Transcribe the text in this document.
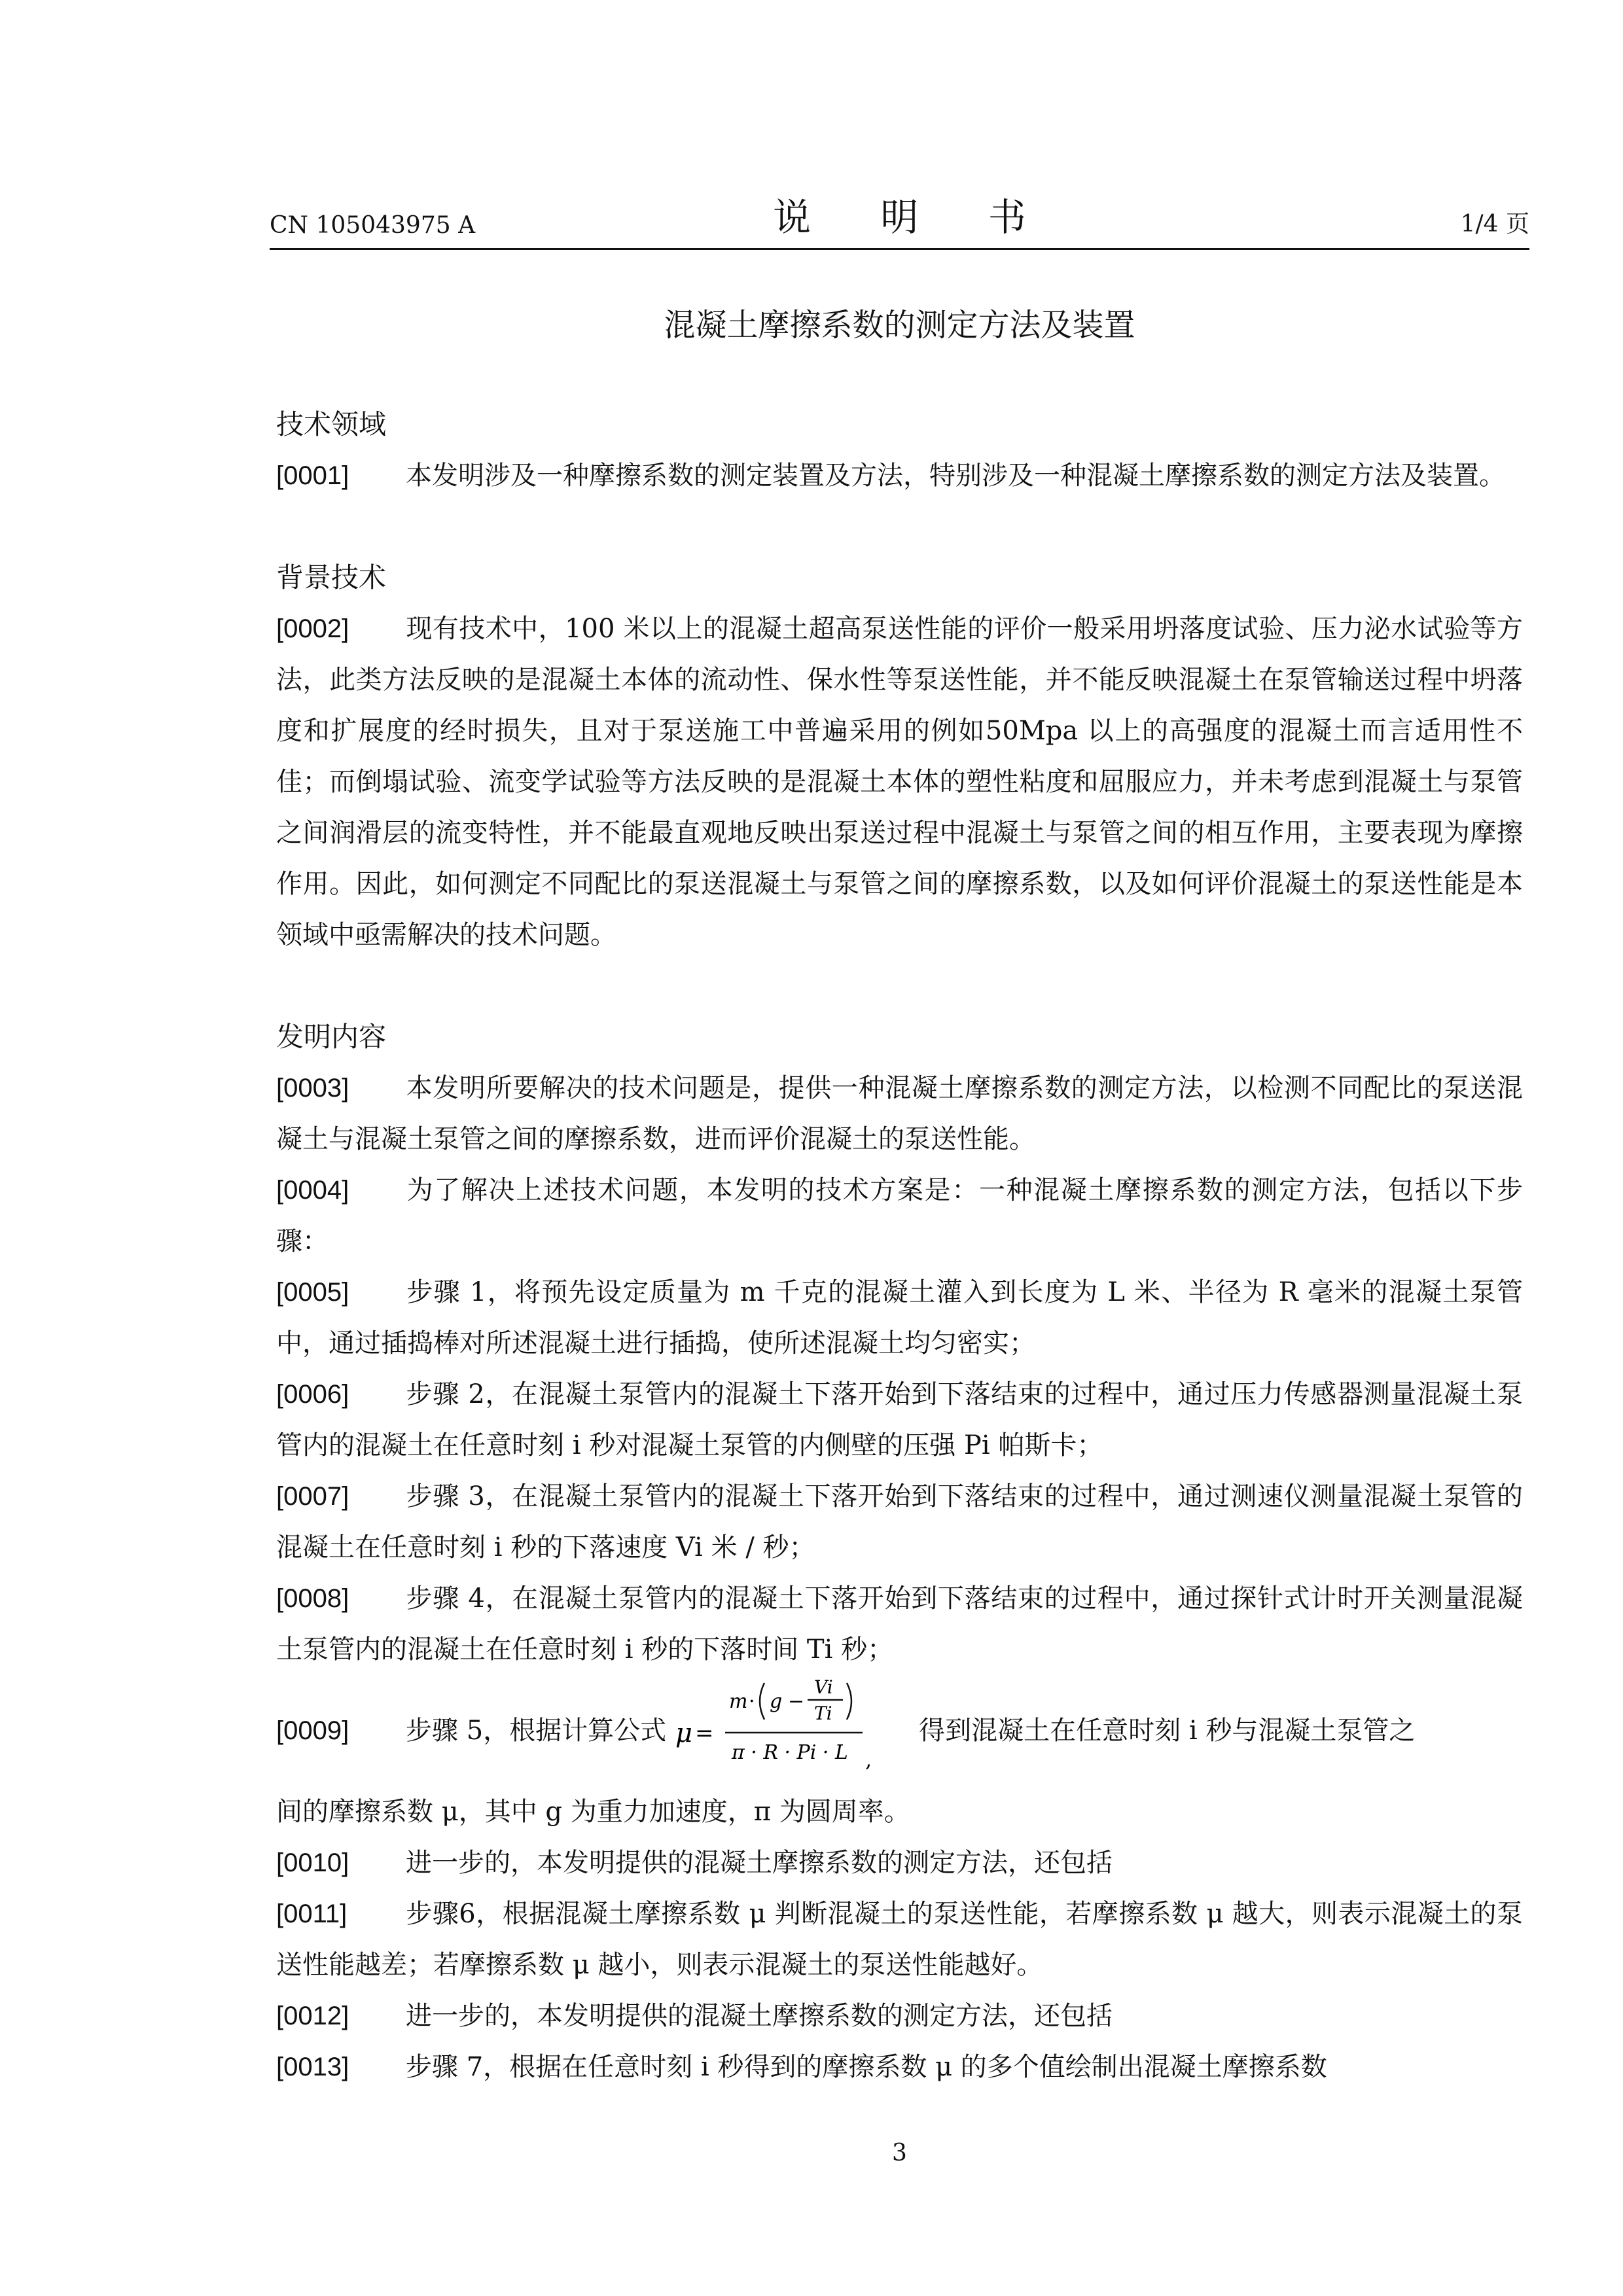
CN 105043975 A	说 明 书	1/4 页
混凝土摩擦系数的测定方法及装置
技术领域
[0001] 本发明涉及一种摩擦系数的测定装置及方法，特别涉及一种混凝土摩擦系数的测定方法及装置。
背景技术
[0002] 现有技术中，100 米以上的混凝土超高泵送性能的评价一般采用坍落度试验、压力泌水试验等方法，此类方法反映的是混凝土本体的流动性、保水性等泵送性能，并不能反映混凝土在泵管输送过程中坍落度和扩展度的经时损失，且对于泵送施工中普遍采用的例如50Mpa 以上的高强度的混凝土而言适用性不佳；而倒塌试验、流变学试验等方法反映的是混凝土本体的塑性粘度和屈服应力，并未考虑到混凝土与泵管之间润滑层的流变特性，并不能最直观地反映出泵送过程中混凝土与泵管之间的相互作用，主要表现为摩擦作用。因此，如何测定不同配比的泵送混凝土与泵管之间的摩擦系数，以及如何评价混凝土的泵送性能是本领域中亟需解决的技术问题。
发明内容
[0003] 本发明所要解决的技术问题是，提供一种混凝土摩擦系数的测定方法，以检测不同配比的泵送混凝土与混凝土泵管之间的摩擦系数，进而评价混凝土的泵送性能。
[0004] 为了解决上述技术问题，本发明的技术方案是：一种混凝土摩擦系数的测定方法，包括以下步骤：
[0005] 步骤 1，将预先设定质量为 m 千克的混凝土灌入到长度为 L 米、半径为 R 毫米的混凝土泵管中，通过插捣棒对所述混凝土进行插捣，使所述混凝土均匀密实；
[0006] 步骤 2，在混凝土泵管内的混凝土下落开始到下落结束的过程中，通过压力传感器测量混凝土泵管内的混凝土在任意时刻 i 秒对混凝土泵管的内侧壁的压强 Pi 帕斯卡；
[0007] 步骤 3，在混凝土泵管内的混凝土下落开始到下落结束的过程中，通过测速仪测量混凝土泵管的混凝土在任意时刻 i 秒的下落速度 Vi 米 / 秒；
[0008] 步骤 4，在混凝土泵管内的混凝土下落开始到下落结束的过程中，通过探针式计时开关测量混凝土泵管内的混凝土在任意时刻 i 秒的下落时间 Ti 秒；
[0009]	步骤 5，根据计算公式 μ =
m · g −
Vi
Ti
π · R · Pi · L ,
得到混凝土在任意时刻 i 秒与混凝土泵管之
间的摩擦系数 μ，其中 g 为重力加速度，π 为圆周率。
[0010] 进一步的，本发明提供的混凝土摩擦系数的测定方法，还包括
[0011] 步骤6，根据混凝土摩擦系数 μ 判断混凝土的泵送性能，若摩擦系数 μ 越大，则表示混凝土的泵送性能越差；若摩擦系数 μ 越小，则表示混凝土的泵送性能越好。
[0012] 进一步的，本发明提供的混凝土摩擦系数的测定方法，还包括
[0013] 步骤 7，根据在任意时刻 i 秒得到的摩擦系数 μ 的多个值绘制出混凝土摩擦系数
3
